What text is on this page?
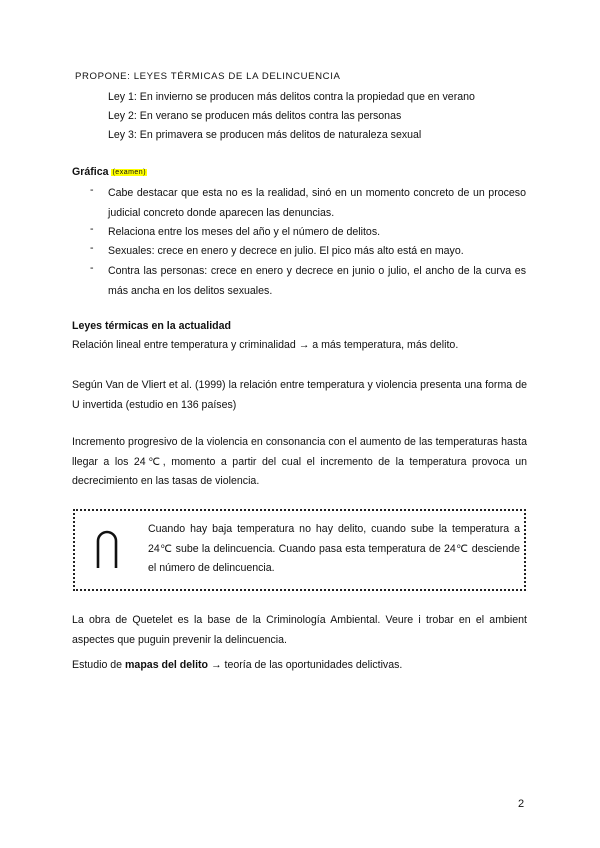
PROPONE: LEYES TÉRMICAS DE LA DELINCUENCIA
Ley 1: En invierno se producen más delitos contra la propiedad que en verano
Ley 2: En verano se producen más delitos contra las personas
Ley 3: En primavera se producen más delitos de naturaleza sexual
Gráfica (examen)
- Cabe destacar que esta no es la realidad, sinó en un momento concreto de un proceso judicial concreto donde aparecen las denuncias.
- Relaciona entre los meses del año y el número de delitos.
- Sexuales: crece en enero y decrece en julio. El pico más alto está en mayo.
- Contra las personas: crece en enero y decrece en junio o julio, el ancho de la curva es más ancha en los delitos sexuales.
Leyes térmicas en la actualidad
Relación lineal entre temperatura y criminalidad → a más temperatura, más delito.
Según Van de Vliert et al. (1999) la relación entre temperatura y violencia presenta una forma de U invertida (estudio en 136 países)
Incremento progresivo de la violencia en consonancia con el aumento de las temperaturas hasta llegar a los 24℃, momento a partir del cual el incremento de la temperatura provoca un decrecimiento en las tasas de violencia.
Cuando hay baja temperatura no hay delito, cuando sube la temperatura a 24℃ sube la delincuencia. Cuando pasa esta temperatura de 24℃ desciende el número de delincuencia.
La obra de Quetelet es la base de la Criminología Ambiental. Veure i trobar en el ambient aspectes que puguin prevenir la delincuencia.
Estudio de mapas del delito → teoría de las oportunidades delictivas.
2
